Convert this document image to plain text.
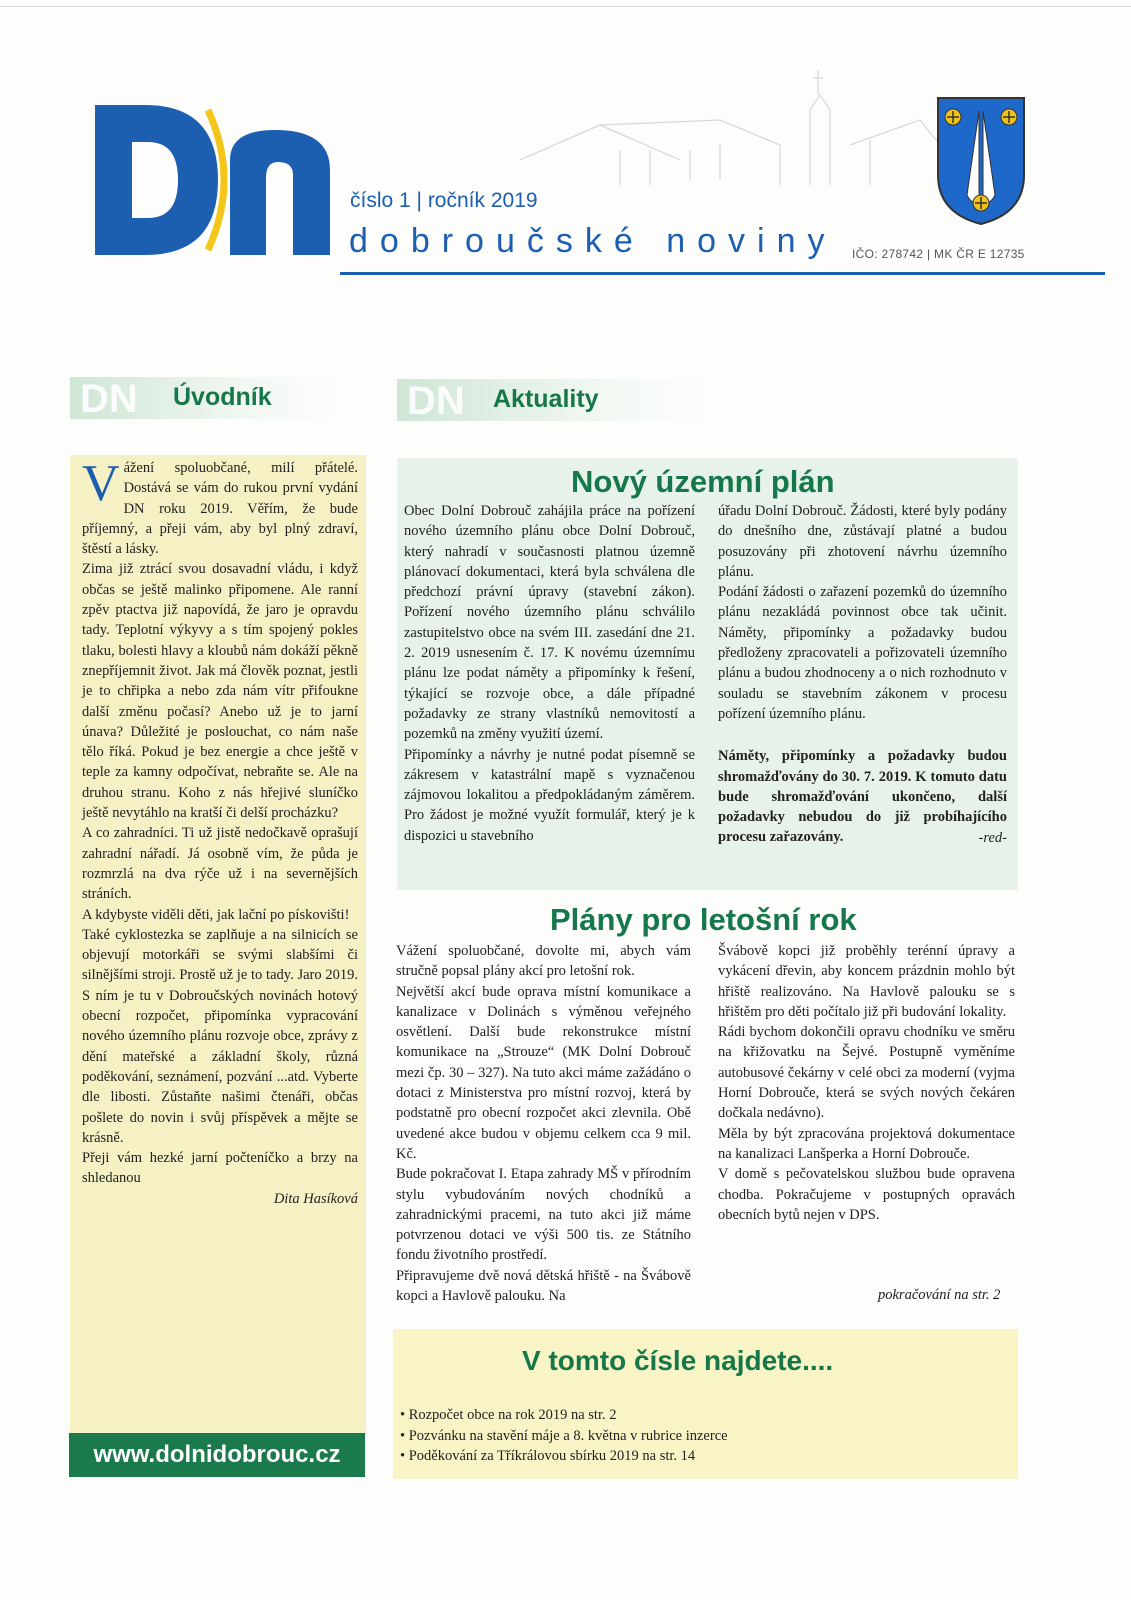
číslo 1 | ročník 2019
dobroučské noviny IČO: 278742 | MK ČR E 12735
DN Úvodník	DN Aktuality

Vážení spoluobčané, milí přátelé. Dostává se vám do rukou první vydání DN roku 2019. Věřím, že bude příjemný, a přeji vám, aby byl plný zdraví, štěstí a lásky.

Zima již ztrácí svou dosavadní vládu, i když občas se ještě malinko připomene. Ale ranní zpěv ptactva již napovídá, že jaro je opravdu tady. Teplotní výkyvy a s tím spojený pokles tlaku, bolesti hlavy a kloubů nám dokáží pěkně znepříjemnit život. Jak má člověk poznat, jestli je to chřipka a nebo zda nám vítr přifoukne další změnu počasí? Anebo už je to jarní únava? Důležité je poslouchat, co nám naše tělo říká. Pokud je bez energie a chce ještě v teple za kamny odpočívat, nebraňte se. Ale na druhou stranu. Koho z nás hřejivé sluníčko ještě nevytáhlo na kratší či delší procházku?

A co zahradníci. Ti už jistě nedočkavě oprašují zahradní nářadí. Já osobně vím, že půda je rozmrzlá na dva rýče už i na severnějších stráních.

A kdybyste viděli děti, jak lační po pískovišti!

Také cyklostezka se zaplňuje a na silnicích se objevují motorkáři se svými slabšími či silnějšími stroji. Prostě už je to tady. Jaro 2019. S ním je tu v Dobroučských novinách hotový obecní rozpočet, připomínka vypracování nového územního plánu rozvoje obce, zprávy z dění mateřské a základní školy, různá poděkování, seznámení, pozvání ...atd. Vyberte dle libosti. Zůstaňte našimi čtenáři, občas pošlete do novin i svůj příspěvek a mějte se krásně.

Přeji vám hezké jarní počteníčko a brzy na shledanou

Dita Hasíková

www.dolnidobrouc.cz
Nový územní plán

Obec Dolní Dobrouč zahájila práce na pořízení nového územního plánu obce Dolní Dobrouč, který nahradí v současnosti platnou územně plánovací dokumentaci, která byla schválena dle předchozí právní úpravy (stavební zákon). Pořízení nového územního plánu schválilo zastupitelstvo obce na svém III. zasedání dne 21. 2. 2019 usnesením č. 17. K novému územnímu plánu lze podat náměty a připomínky k řešení, týkající se rozvoje obce, a dále případné požadavky ze strany vlastníků nemovitostí a pozemků na změny využití území.

Připomínky a návrhy je nutné podat písemně se zákresem v katastrální mapě s vyznačenou zájmovou lokalitou a předpokládaným záměrem. Pro žádost je možné využít formulář, který je k dispozici u stavebního

úřadu Dolní Dobrouč. Žádosti, které byly podány do dnešního dne, zůstávají platné a budou posuzovány při zhotovení návrhu územního plánu.

Podání žádosti o zařazení pozemků do územního plánu nezakládá povinnost obce tak učinit. Náměty, připomínky a požadavky budou předloženy zpracovateli a pořizovateli územního plánu a budou zhodnoceny a o nich rozhodnuto v souladu se stavebním zákonem v procesu pořízení územního plánu.

Náměty, připomínky a požadavky budou shromažďovány do 30. 7. 2019. K tomuto datu bude shromažďování ukončeno, další požadavky nebudou do již probíhajícího procesu zařazovány.	-red-
Plány pro letošní rok

Vážení spoluobčané, dovolte mi, abych vám stručně popsal plány akcí pro letošní rok.

Největší akcí bude oprava místní komunikace a kanalizace v Dolinách s výměnou veřejného osvětlení. Další bude rekonstrukce místní komunikace na „Strouze“ (MK Dolní Dobrouč mezi čp. 30 – 327). Na tuto akci máme zažádáno o dotaci z Ministerstva pro místní rozvoj, která by podstatně pro obecní rozpočet akci zlevnila. Obě uvedené akce budou v objemu celkem cca 9 mil. Kč.

Bude pokračovat I. Etapa zahrady MŠ v přírodním stylu vybudováním nových chodníků a zahradnickými pracemi, na tuto akci již máme potvrzenou dotaci ve výši 500 tis. ze Státního fondu životního prostředí.

Připravujeme dvě nová dětská hřiště - na Švábově kopci a Havlově palouku. Na

Švábově kopci již proběhly terénní úpravy a vykácení dřevin, aby koncem prázdnin mohlo být hřiště realizováno. Na Havlově palouku se s hřištěm pro děti počítalo již při budování lokality.

Rádi bychom dokončili opravu chodníku ve směru na křižovatku na Šejvé. Postupně vyměníme autobusové čekárny v celé obci za moderní (vyjma Horní Dobrouče, která se svých nových čekáren dočkala nedávno).

Měla by být zpracována projektová dokumentace na kanalizaci Lanšperka a Horní Dobrouče.

V domě s pečovatelskou službou bude opravena chodba. Pokračujeme v postupných opravách obecních bytů nejen v DPS.

pokračování na str. 2
V tomto čísle najdete....
• Rozpočet obce na rok 2019 na str. 2
• Pozvánku na stavění máje a 8. května v rubrice inzerce
• Poděkování za Tříkrálovou sbírku 2019 na str. 14
